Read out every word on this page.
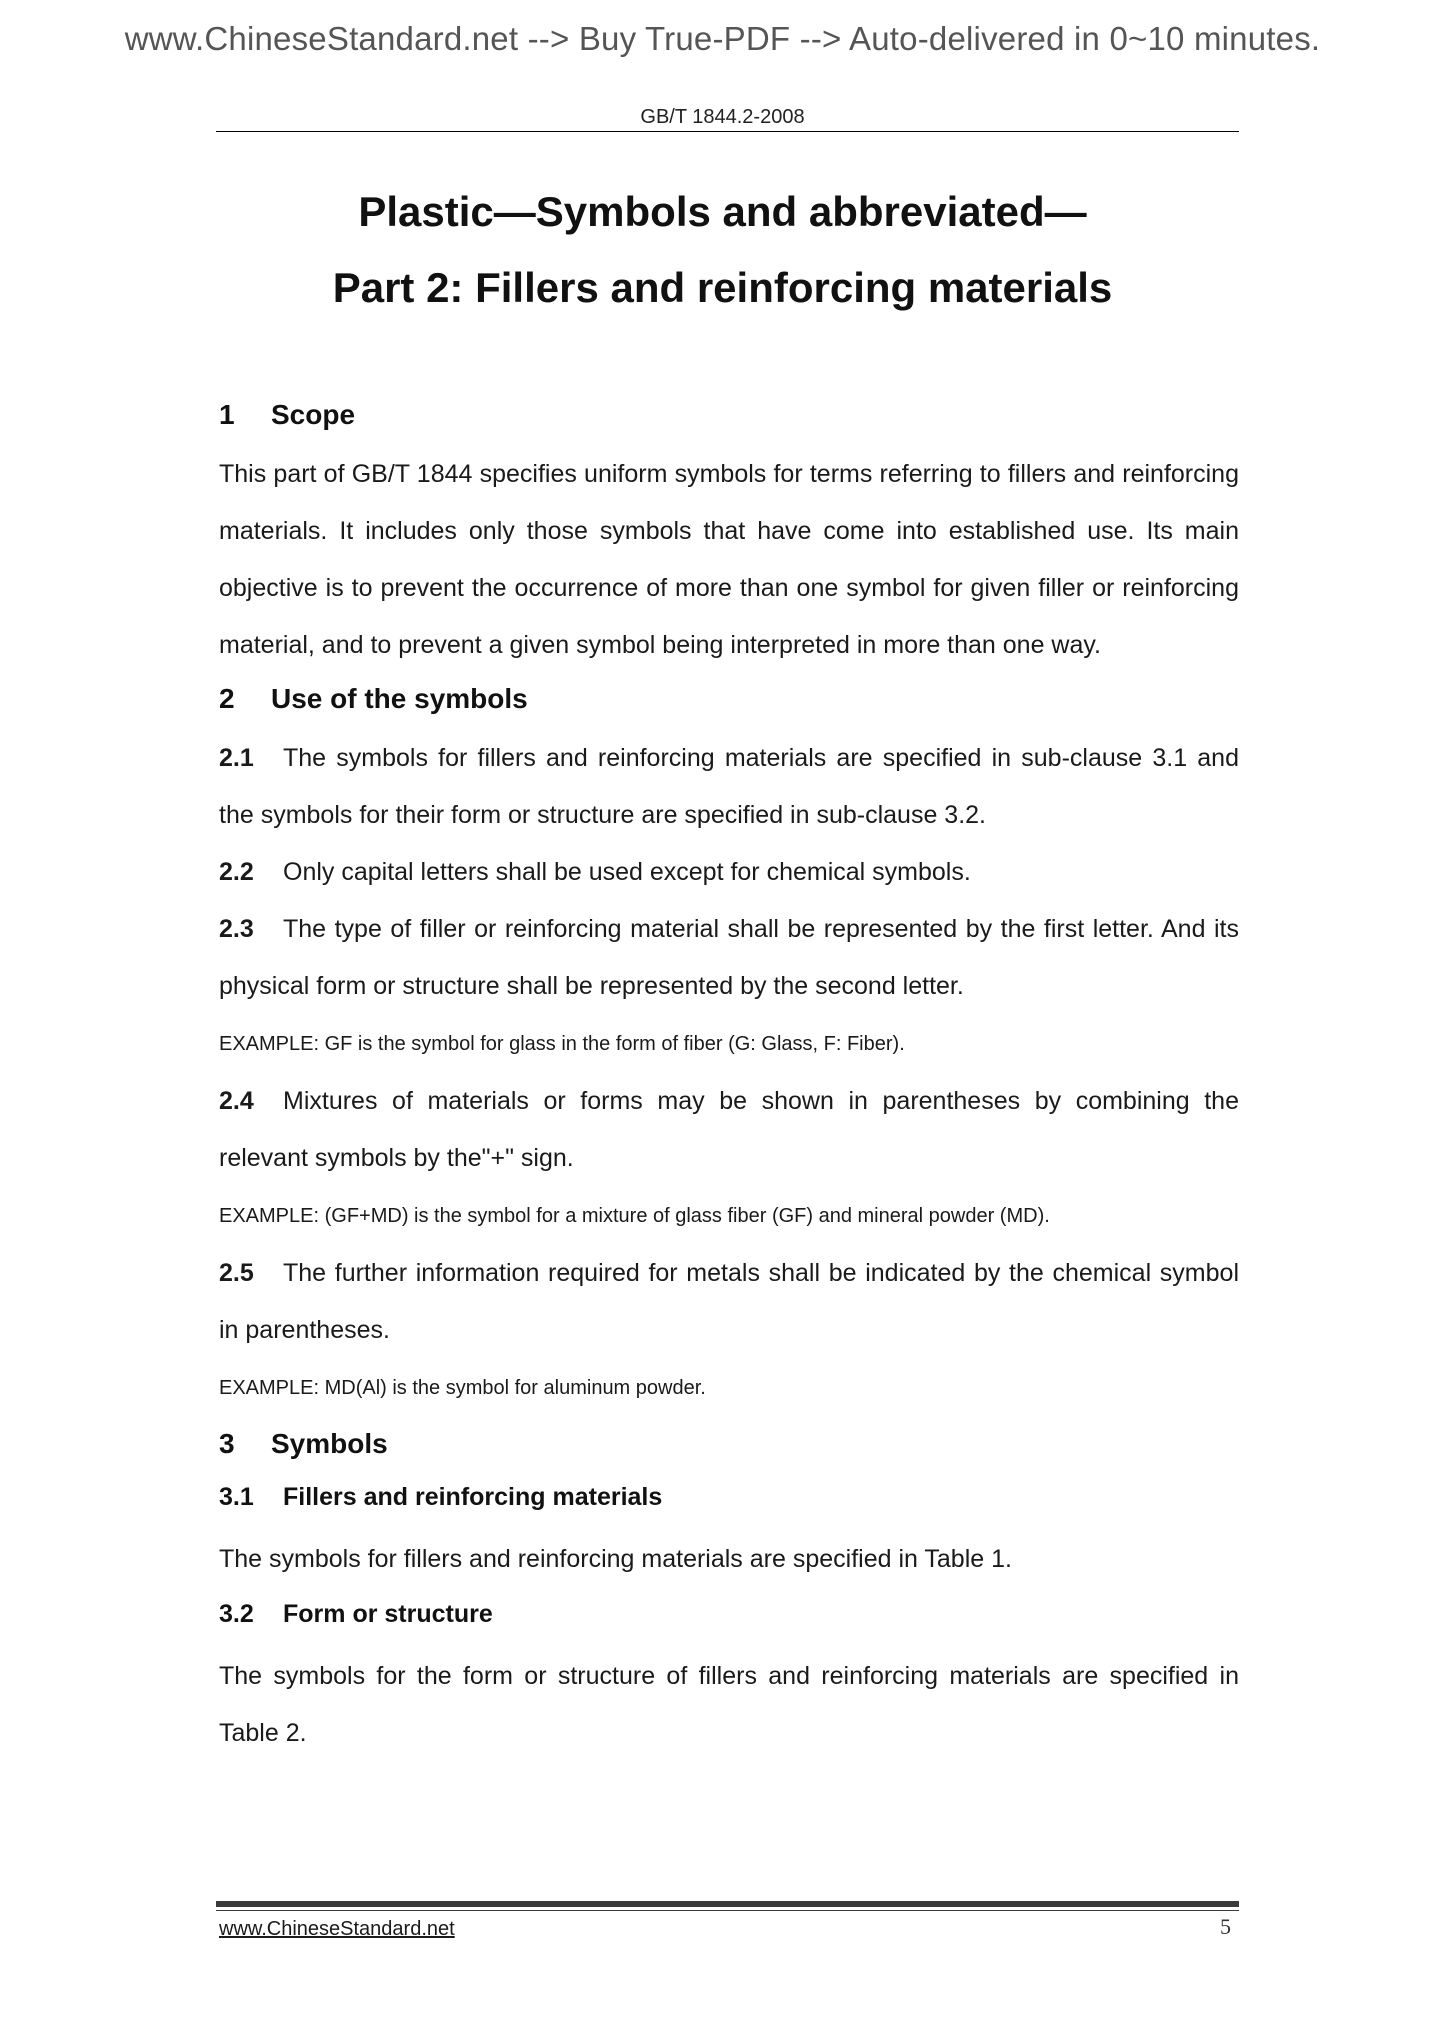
www.ChineseStandard.net --> Buy True-PDF --> Auto-delivered in 0~10 minutes.
GB/T 1844.2-2008
Plastic—Symbols and abbreviated—
Part 2: Fillers and reinforcing materials
1 Scope

This part of GB/T 1844 specifies uniform symbols for terms referring to fillers and reinforcing materials. It includes only those symbols that have come into established use. Its main objective is to prevent the occurrence of more than one symbol for given filler or reinforcing material, and to prevent a given symbol being interpreted in more than one way.

2 Use of the symbols

2.1 The symbols for fillers and reinforcing materials are specified in sub-clause 3.1 and the symbols for their form or structure are specified in sub-clause 3.2.

2.2 Only capital letters shall be used except for chemical symbols.

2.3 The type of filler or reinforcing material shall be represented by the first letter. And its physical form or structure shall be represented by the second letter.

EXAMPLE: GF is the symbol for glass in the form of fiber (G: Glass, F: Fiber).

2.4 Mixtures of materials or forms may be shown in parentheses by combining the relevant symbols by the"+" sign.

EXAMPLE: (GF+MD) is the symbol for a mixture of glass fiber (GF) and mineral powder (MD).

2.5 The further information required for metals shall be indicated by the chemical symbol in parentheses.

EXAMPLE: MD(Al) is the symbol for aluminum powder.

3 Symbols
3.1 Fillers and reinforcing materials

The symbols for fillers and reinforcing materials are specified in Table 1.

3.2 Form or structure

The symbols for the form or structure of fillers and reinforcing materials are specified in Table 2.

www.ChineseStandard.net	5
